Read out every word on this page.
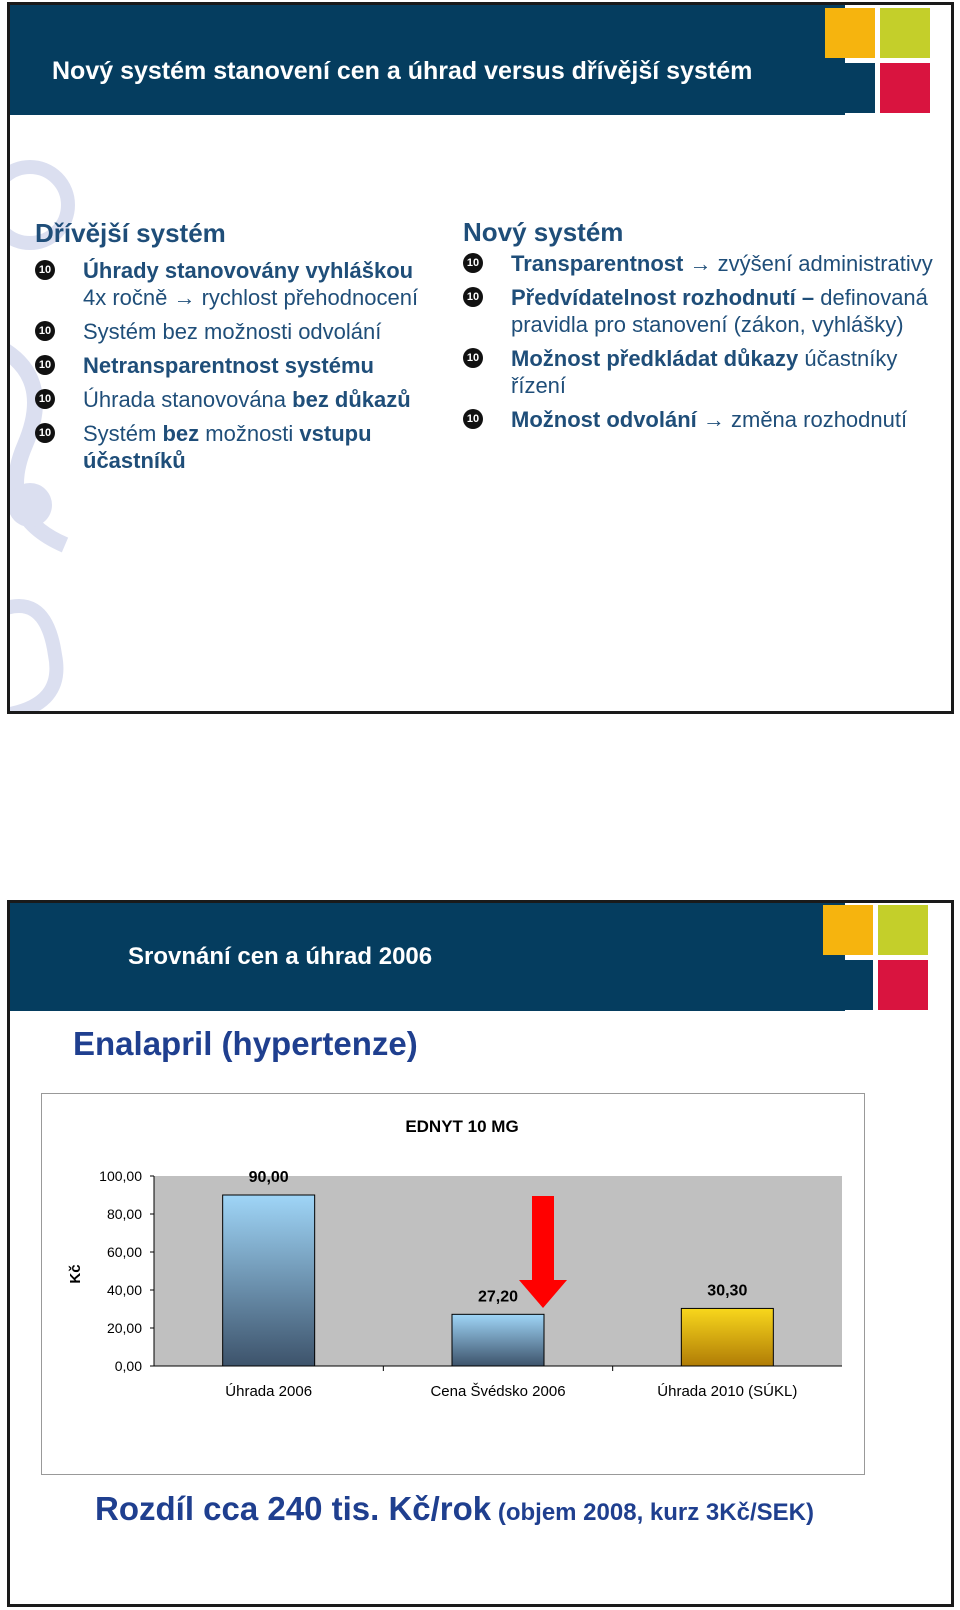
Nový systém stanovení cen a úhrad versus dřívější systém
Dřívější systém
10 Úhrady stanovovány vyhláškou 4x ročně → rychlost přehodnocení
10 Systém bez možnosti odvolání
10 Netransparentnost systému
10 Úhrada stanovována bez důkazů
10 Systém bez možnosti vstupu účastníků
Nový systém
10 Transparentnost → zvýšení administrativy
10 Předvídatelnost rozhodnutí – definovaná pravidla pro stanovení (zákon, vyhlášky)
10 Možnost předkládat důkazy účastníky řízení
10 Možnost odvolání → změna rozhodnutí
Srovnání cen a úhrad 2006
Enalapril (hypertenze)
EDNYT 10 MG
0,00
20,00
40,00
60,00
80,00
100,00
Kč
90,00
Úhrada 2006
27,20
Cena Švédsko 2006
30,30
Úhrada 2010 (SÚKL)
Rozdíl cca 240 tis. Kč/rok (objem 2008, kurz 3Kč/SEK)
